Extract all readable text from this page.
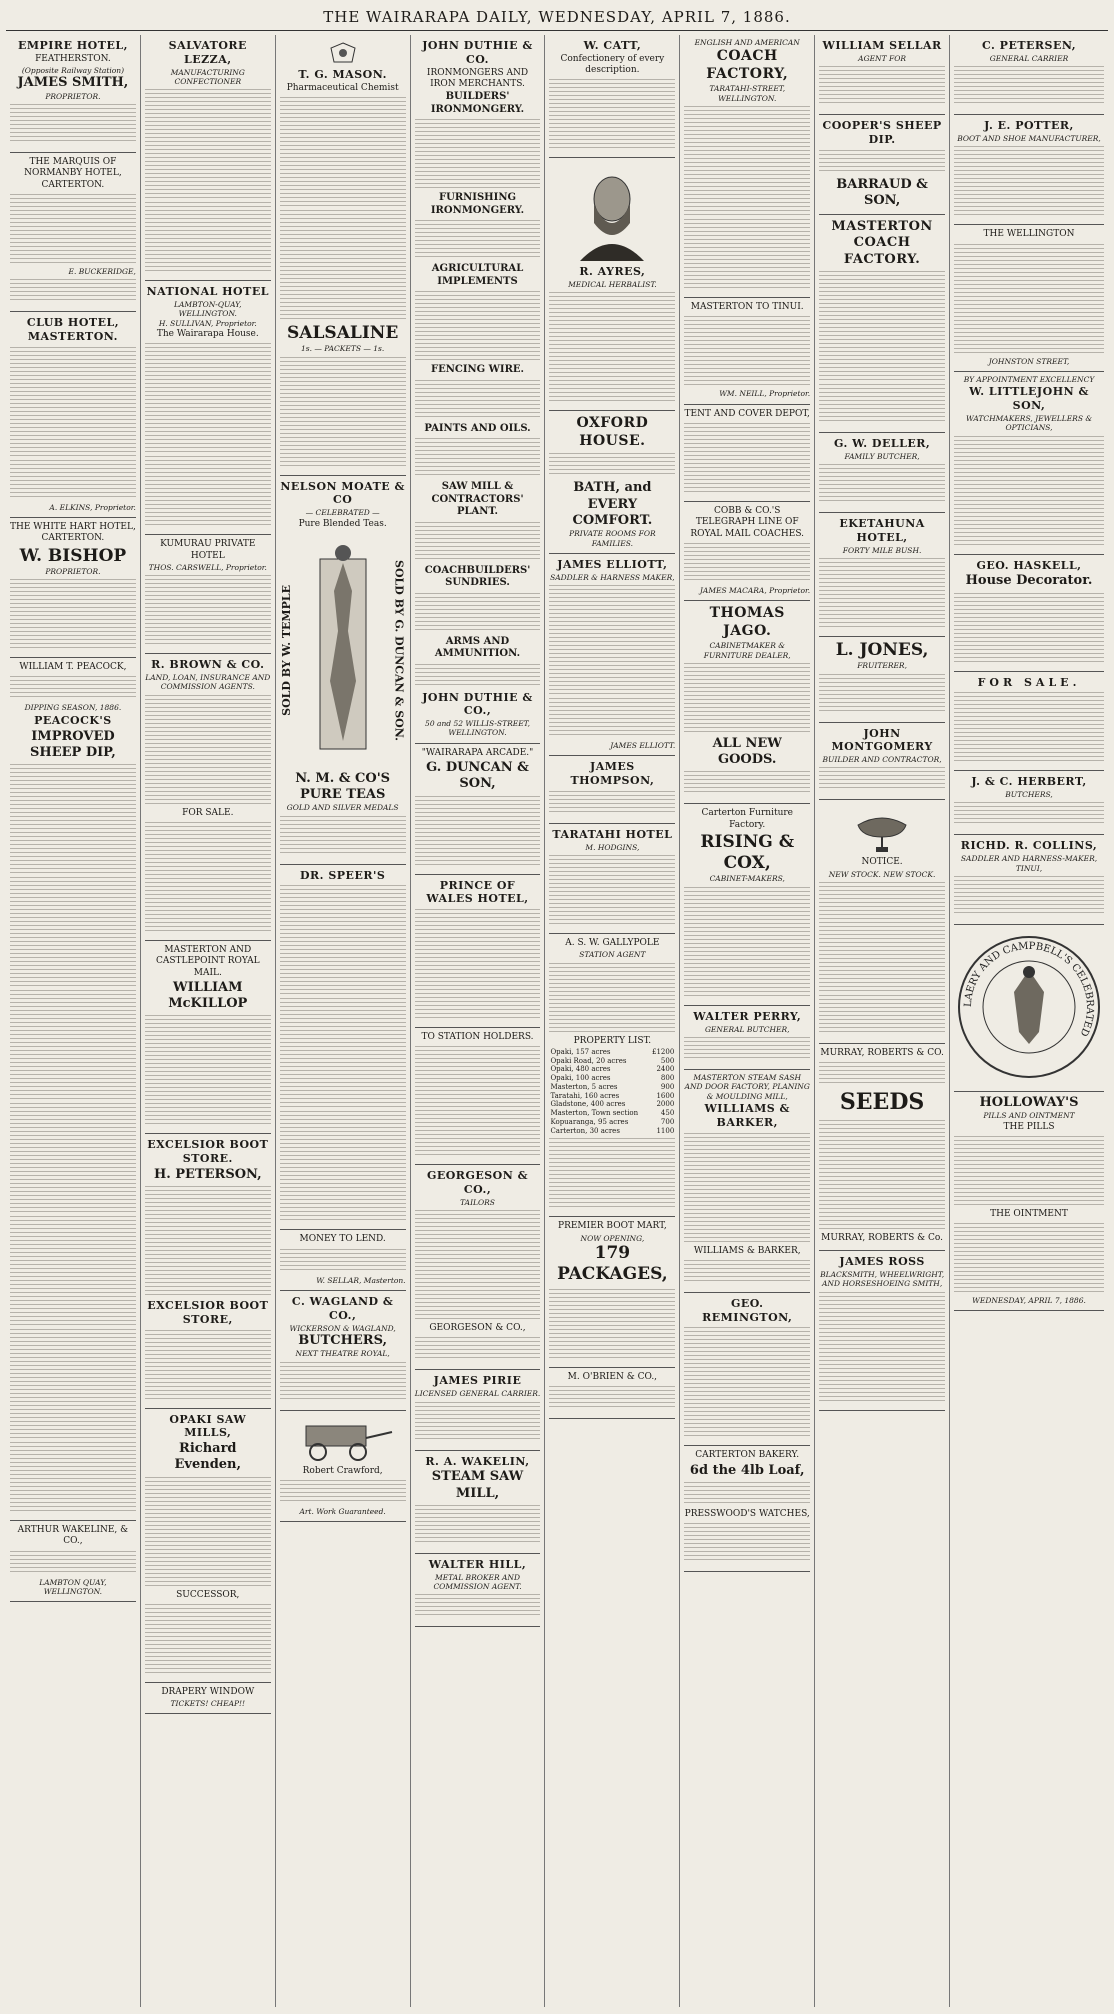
THE WAIRARAPA DAILY, WEDNESDAY, APRIL 7, 1886.
EMPIRE HOTEL,
FEATHERSTON.
(Opposite Railway Station)
JAMES SMITH,
PROPRIETOR.
THE MARQUIS OF NORMANBY HOTEL, CARTERTON.
E. BUCKERIDGE,
CLUB HOTEL, MASTERTON.
A. ELKINS, Proprietor.
THE WHITE HART HOTEL, CARTERTON.
W. BISHOP
PROPRIETOR.
WILLIAM T. PEACOCK,
DIPPING SEASON, 1886.
PEACOCK'S
IMPROVED SHEEP DIP,
ARTHUR WAKELINE, & CO.,
LAMBTON QUAY, WELLINGTON.
SALVATORE LEZZA,
MANUFACTURING CONFECTIONER
NATIONAL HOTEL
LAMBTON-QUAY, WELLINGTON.
H. SULLIVAN, Proprietor.
The Wairarapa House.
KUMURAU PRIVATE HOTEL
THOS. CARSWELL, Proprietor.
R. BROWN & CO.
LAND, LOAN, INSURANCE AND COMMISSION AGENTS.
FOR SALE.
MASTERTON AND CASTLEPOINT ROYAL MAIL.
WILLIAM McKILLOP
EXCELSIOR BOOT STORE.
H. PETERSON,
EXCELSIOR BOOT STORE,
OPAKI SAW MILLS,
Richard Evenden,
SUCCESSOR,
DRAPERY WINDOW
TICKETS! CHEAP!!
T. G. MASON.
Pharmaceutical Chemist
SALSALINE
1s. — PACKETS — 1s.
NELSON MOATE & CO
— CELEBRATED —
Pure Blended Teas.
SOLD BY W. TEMPLE	SOLD BY G. DUNCAN & SON.
N. M. & CO'S PURE TEAS
GOLD AND SILVER MEDALS
DR. SPEER'S
MONEY TO LEND.
W. SELLAR, Masterton.
C. WAGLAND & CO.,
WICKERSON & WAGLAND,
BUTCHERS,
NEXT THEATRE ROYAL,
Robert Crawford,
Art. Work Guaranteed.
JOHN DUTHIE & CO.
IRONMONGERS AND IRON MERCHANTS.
BUILDERS' IRONMONGERY.
FURNISHING IRONMONGERY.
AGRICULTURAL IMPLEMENTS
FENCING WIRE.
PAINTS AND OILS.
SAW MILL & CONTRACTORS' PLANT.
COACHBUILDERS' SUNDRIES.
ARMS AND AMMUNITION.
JOHN DUTHIE & CO.,
50 and 52 WILLIS-STREET,
WELLINGTON.
"WAIRARAPA ARCADE."
G. DUNCAN & SON,
PRINCE OF WALES HOTEL,
TO STATION HOLDERS.
GEORGESON & CO.,
TAILORS
GEORGESON & CO.,
JAMES PIRIE
LICENSED GENERAL CARRIER.
R. A. WAKELIN,
STEAM SAW MILL,
WALTER HILL,
METAL BROKER AND COMMISSION AGENT.
W. CATT,
Confectionery of every description.
R. AYRES,
MEDICAL HERBALIST.
OXFORD HOUSE.
BATH, and EVERY COMFORT.
PRIVATE ROOMS FOR FAMILIES.
JAMES ELLIOTT,
SADDLER & HARNESS MAKER,
JAMES ELLIOTT.
JAMES THOMPSON,
TARATAHI HOTEL
M. HODGINS,
A. S. W. GALLYPOLE
STATION AGENT
PROPERTY LIST.
Opaki, 157 acres	£1200
Opaki Road, 20 acres	500
Opaki, 480 acres	2400
Opaki, 100 acres	800
Masterton, 5 acres	900
Taratahi, 160 acres	1600
Gladstone, 400 acres	2000
Masterton, Town section	450
Kopuaranga, 95 acres	700
Carterton, 30 acres	1100
PREMIER BOOT MART,
NOW OPENING,
179 PACKAGES,
M. O'BRIEN & CO.,
ENGLISH AND AMERICAN
COACH FACTORY,
TARATAHI-STREET, WELLINGTON.
MASTERTON TO TINUI.
WM. NEILL, Proprietor.
TENT AND COVER DEPOT,
COBB & CO.'S TELEGRAPH LINE OF ROYAL MAIL COACHES.
JAMES MACARA, Proprietor.
THOMAS JAGO.
CABINETMAKER & FURNITURE DEALER,
ALL NEW GOODS.
Carterton Furniture Factory.
RISING & COX,
CABINET-MAKERS,
WALTER PERRY,
GENERAL BUTCHER,
MASTERTON STEAM SASH AND DOOR FACTORY, PLANING & MOULDING MILL,
WILLIAMS & BARKER,
WILLIAMS & BARKER,
GEO. REMINGTON,
CARTERTON BAKERY.
6d the 4lb Loaf,
PRESSWOOD'S WATCHES,
WILLIAM SELLAR
AGENT FOR
COOPER'S SHEEP DIP.
BARRAUD & SON,
MASTERTON COACH FACTORY.
G. W. DELLER,
FAMILY BUTCHER,
EKETAHUNA HOTEL,
FORTY MILE BUSH.
L. JONES,
FRUITERER,
JOHN MONTGOMERY
BUILDER AND CONTRACTOR,
NOTICE.
NEW STOCK. NEW STOCK.
MURRAY, ROBERTS & CO.
SEEDS
MURRAY, ROBERTS & Co.
JAMES ROSS
BLACKSMITH, WHEELWRIGHT, AND HORSESHOEING SMITH,
C. PETERSEN,
GENERAL CARRIER
J. E. POTTER,
BOOT AND SHOE MANUFACTURER,
THE WELLINGTON
JOHNSTON STREET,
BY APPOINTMENT EXCELLENCY
W. LITTLEJOHN & SON,
WATCHMAKERS, JEWELLERS & OPTICIANS,
GEO. HASKELL,
House Decorator.
FOR SALE.
J. & C. HERBERT,
BUTCHERS,
RICHD. R. COLLINS,
SADDLER AND HARNESS-MAKER,
TINUI,
LAERY AND CAMPBELL'S CELEBRATED
HOLLOWAY'S
PILLS AND OINTMENT
THE PILLS
THE OINTMENT
WEDNESDAY, APRIL 7, 1886.
